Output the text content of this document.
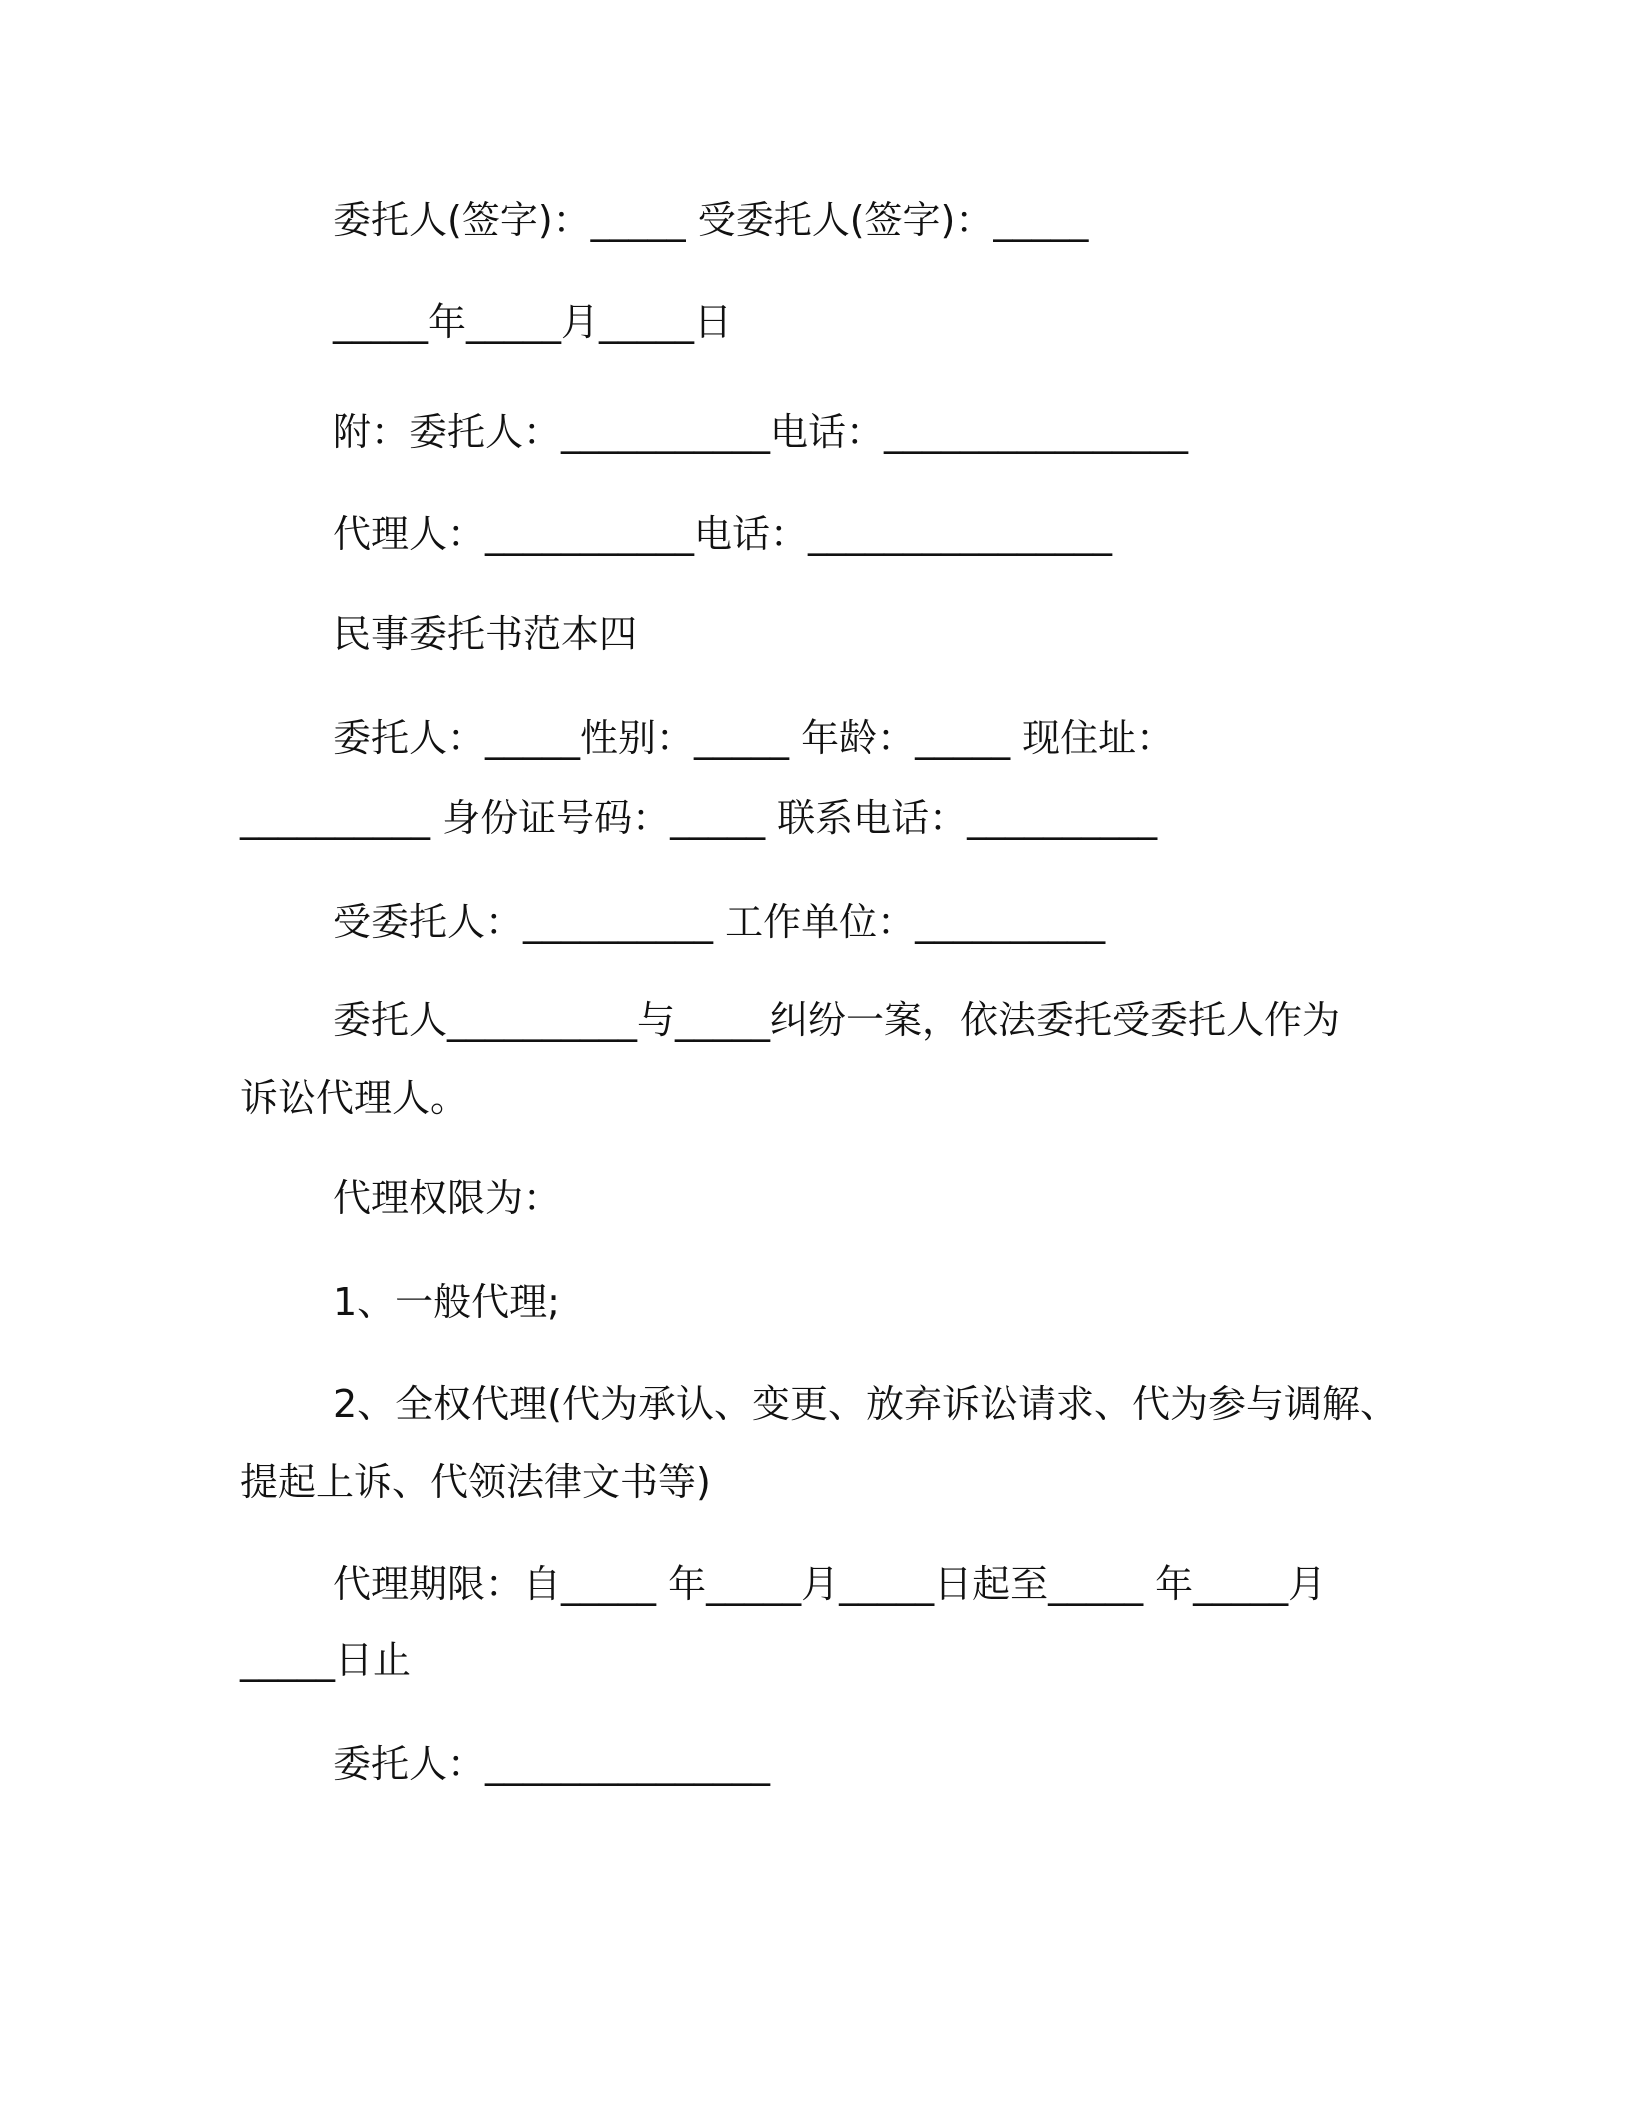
委托人(签字)：_____ 受委托人(签字)：_____
_____年_____月_____日
附：委托人：___________电话：________________
代理人：___________电话：________________
民事委托书范本四
委托人：_____性别：_____ 年龄：_____ 现住址：
__________ 身份证号码：_____ 联系电话：__________
受委托人：__________ 工作单位：__________
委托人__________与_____纠纷一案，依法委托受委托人作为
诉讼代理人。
代理权限为：
1、一般代理;
2、全权代理(代为承认、变更、放弃诉讼请求、代为参与调解、
提起上诉、代领法律文书等)
代理期限：自_____ 年_____月_____日起至_____ 年_____月
_____日止
委托人：_______________
